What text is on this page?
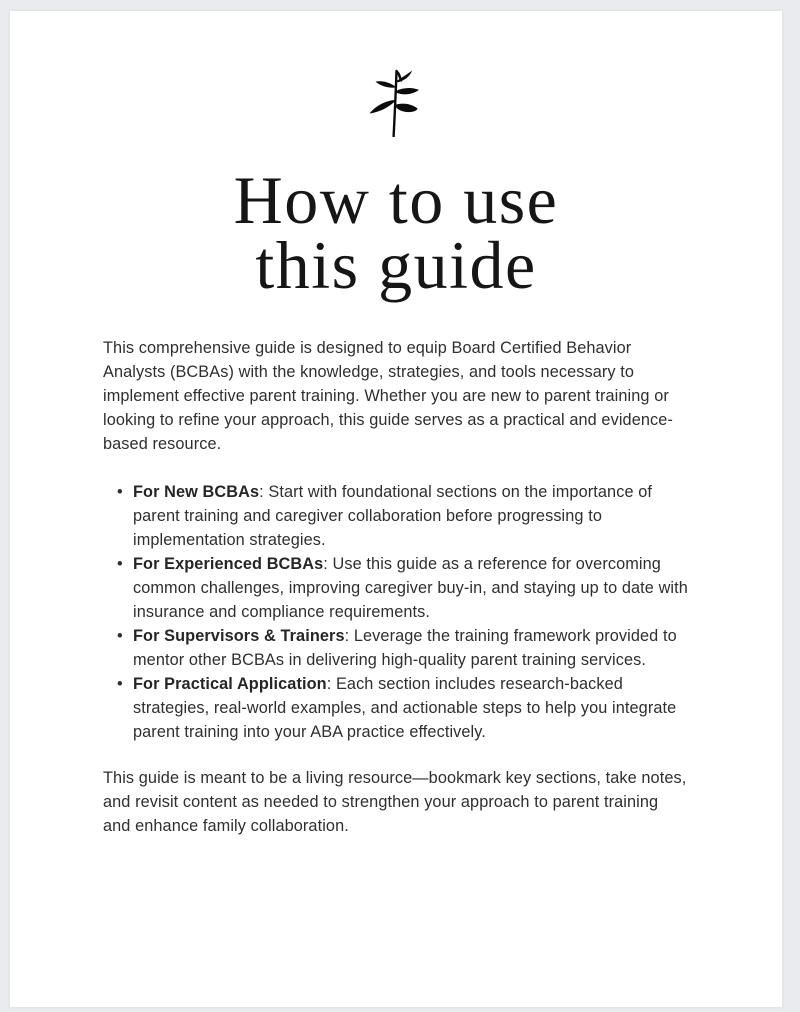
How to use
this guide

This comprehensive guide is designed to equip Board Certified Behavior Analysts (BCBAs) with the knowledge, strategies, and tools necessary to implement effective parent training. Whether you are new to parent training or looking to refine your approach, this guide serves as a practical and evidence-based resource.

• For New BCBAs: Start with foundational sections on the importance of parent training and caregiver collaboration before progressing to implementation strategies.
• For Experienced BCBAs: Use this guide as a reference for overcoming common challenges, improving caregiver buy-in, and staying up to date with insurance and compliance requirements.
• For Supervisors & Trainers: Leverage the training framework provided to mentor other BCBAs in delivering high-quality parent training services.
• For Practical Application: Each section includes research-backed strategies, real-world examples, and actionable steps to help you integrate parent training into your ABA practice effectively.

This guide is meant to be a living resource—bookmark key sections, take notes, and revisit content as needed to strengthen your approach to parent training and enhance family collaboration.
